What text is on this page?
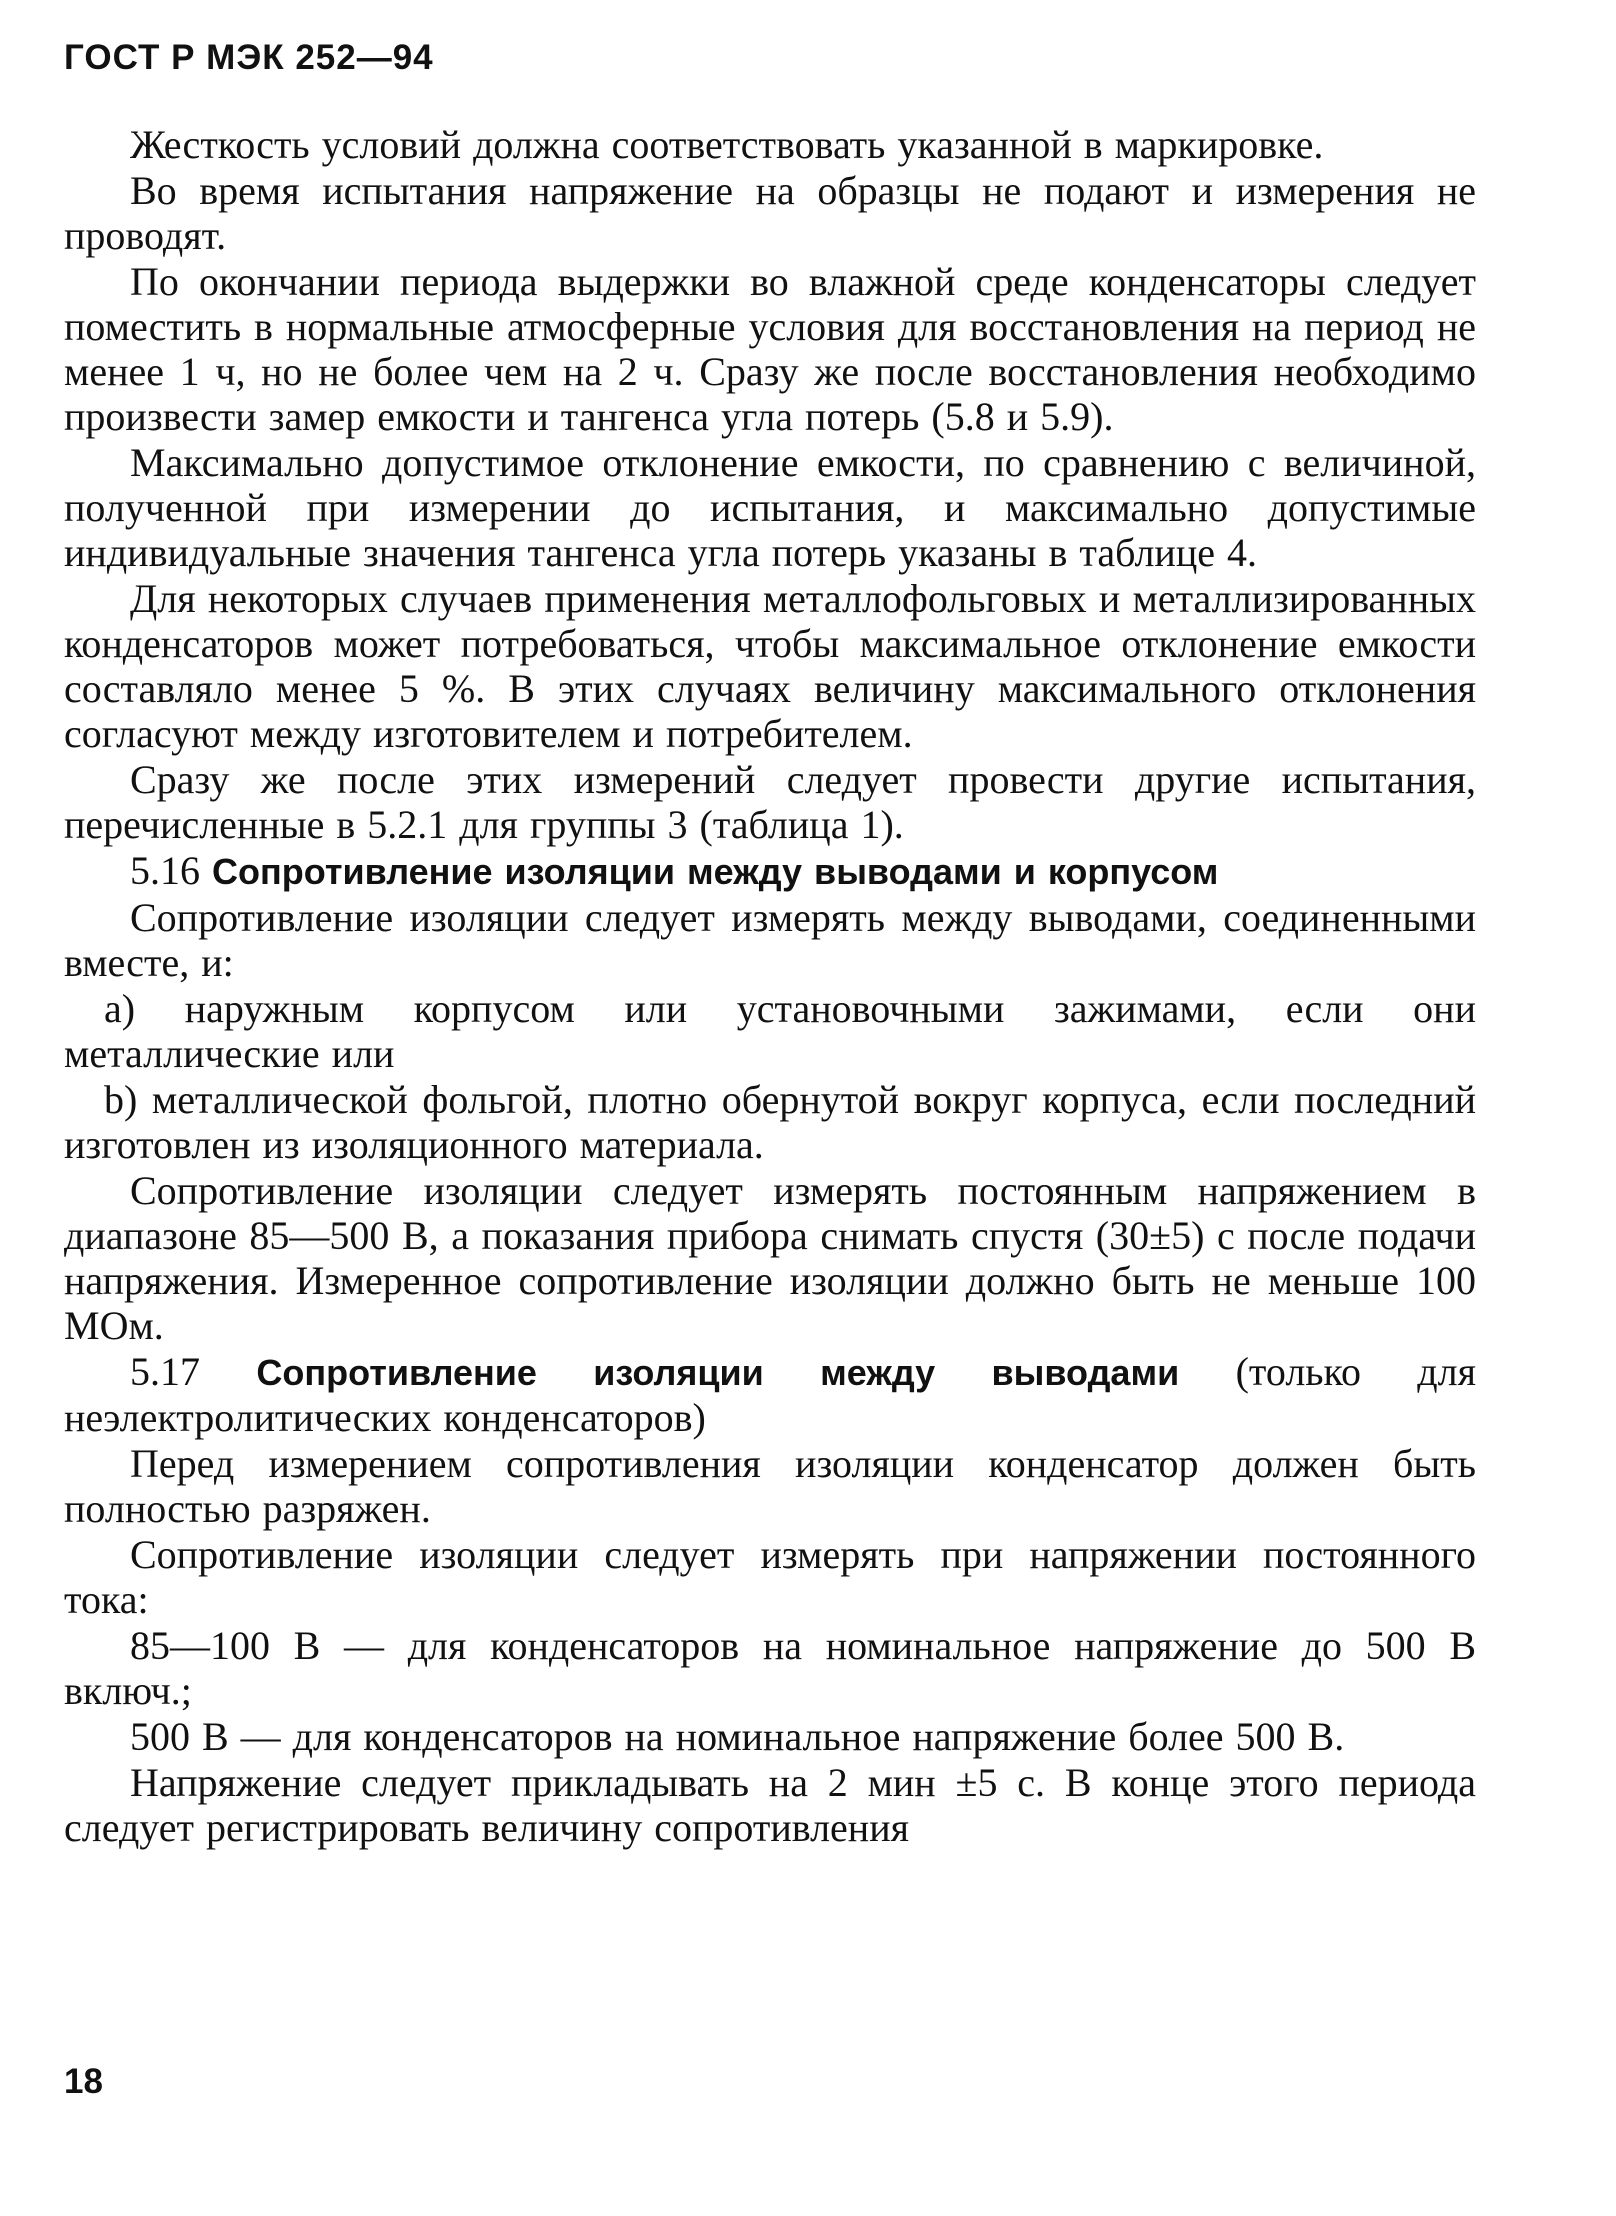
ГОСТ Р МЭК 252—94

Жесткость условий должна соответствовать указанной в маркировке.

Во время испытания напряжение на образцы не подают и измерения не проводят.

По окончании периода выдержки во влажной среде конденсаторы следует поместить в нормальные атмосферные условия для восстановления на период не менее 1 ч, но не более чем на 2 ч. Сразу же после восстановления необходимо произвести замер емкости и тангенса угла потерь (5.8 и 5.9).

Максимально допустимое отклонение емкости, по сравнению с величиной, полученной при измерении до испытания, и максимально допустимые индивидуальные значения тангенса угла потерь указаны в таблице 4.

Для некоторых случаев применения металлофольговых и металлизированных конденсаторов может потребоваться, чтобы максимальное отклонение емкости составляло менее 5 %. В этих случаях величину максимального отклонения согласуют между изготовителем и потребителем.

Сразу же после этих измерений следует провести другие испытания, перечисленные в 5.2.1 для группы 3 (таблица 1).

5.16 Сопротивление изоляции между выводами и корпусом

Сопротивление изоляции следует измерять между выводами, соединенными вместе, и:

а) наружным корпусом или установочными зажимами, если они металлические или

b) металлической фольгой, плотно обернутой вокруг корпуса, если последний изготовлен из изоляционного материала.

Сопротивление изоляции следует измерять постоянным напряжением в диапазоне 85—500 В, а показания прибора снимать спустя (30±5) с после подачи напряжения. Измеренное сопротивление изоляции должно быть не меньше 100 МОм.

5.17 Сопротивление изоляции между выводами (только для неэлектролитических конденсаторов)

Перед измерением сопротивления изоляции конденсатор должен быть полностью разряжен.

Сопротивление изоляции следует измерять при напряжении постоянного тока:

85—100 В — для конденсаторов на номинальное напряжение до 500 В включ.;

500 В — для конденсаторов на номинальное напряжение более 500 В.

Напряжение следует прикладывать на 2 мин ±5 с. В конце этого периода следует регистрировать величину сопротивления

18
